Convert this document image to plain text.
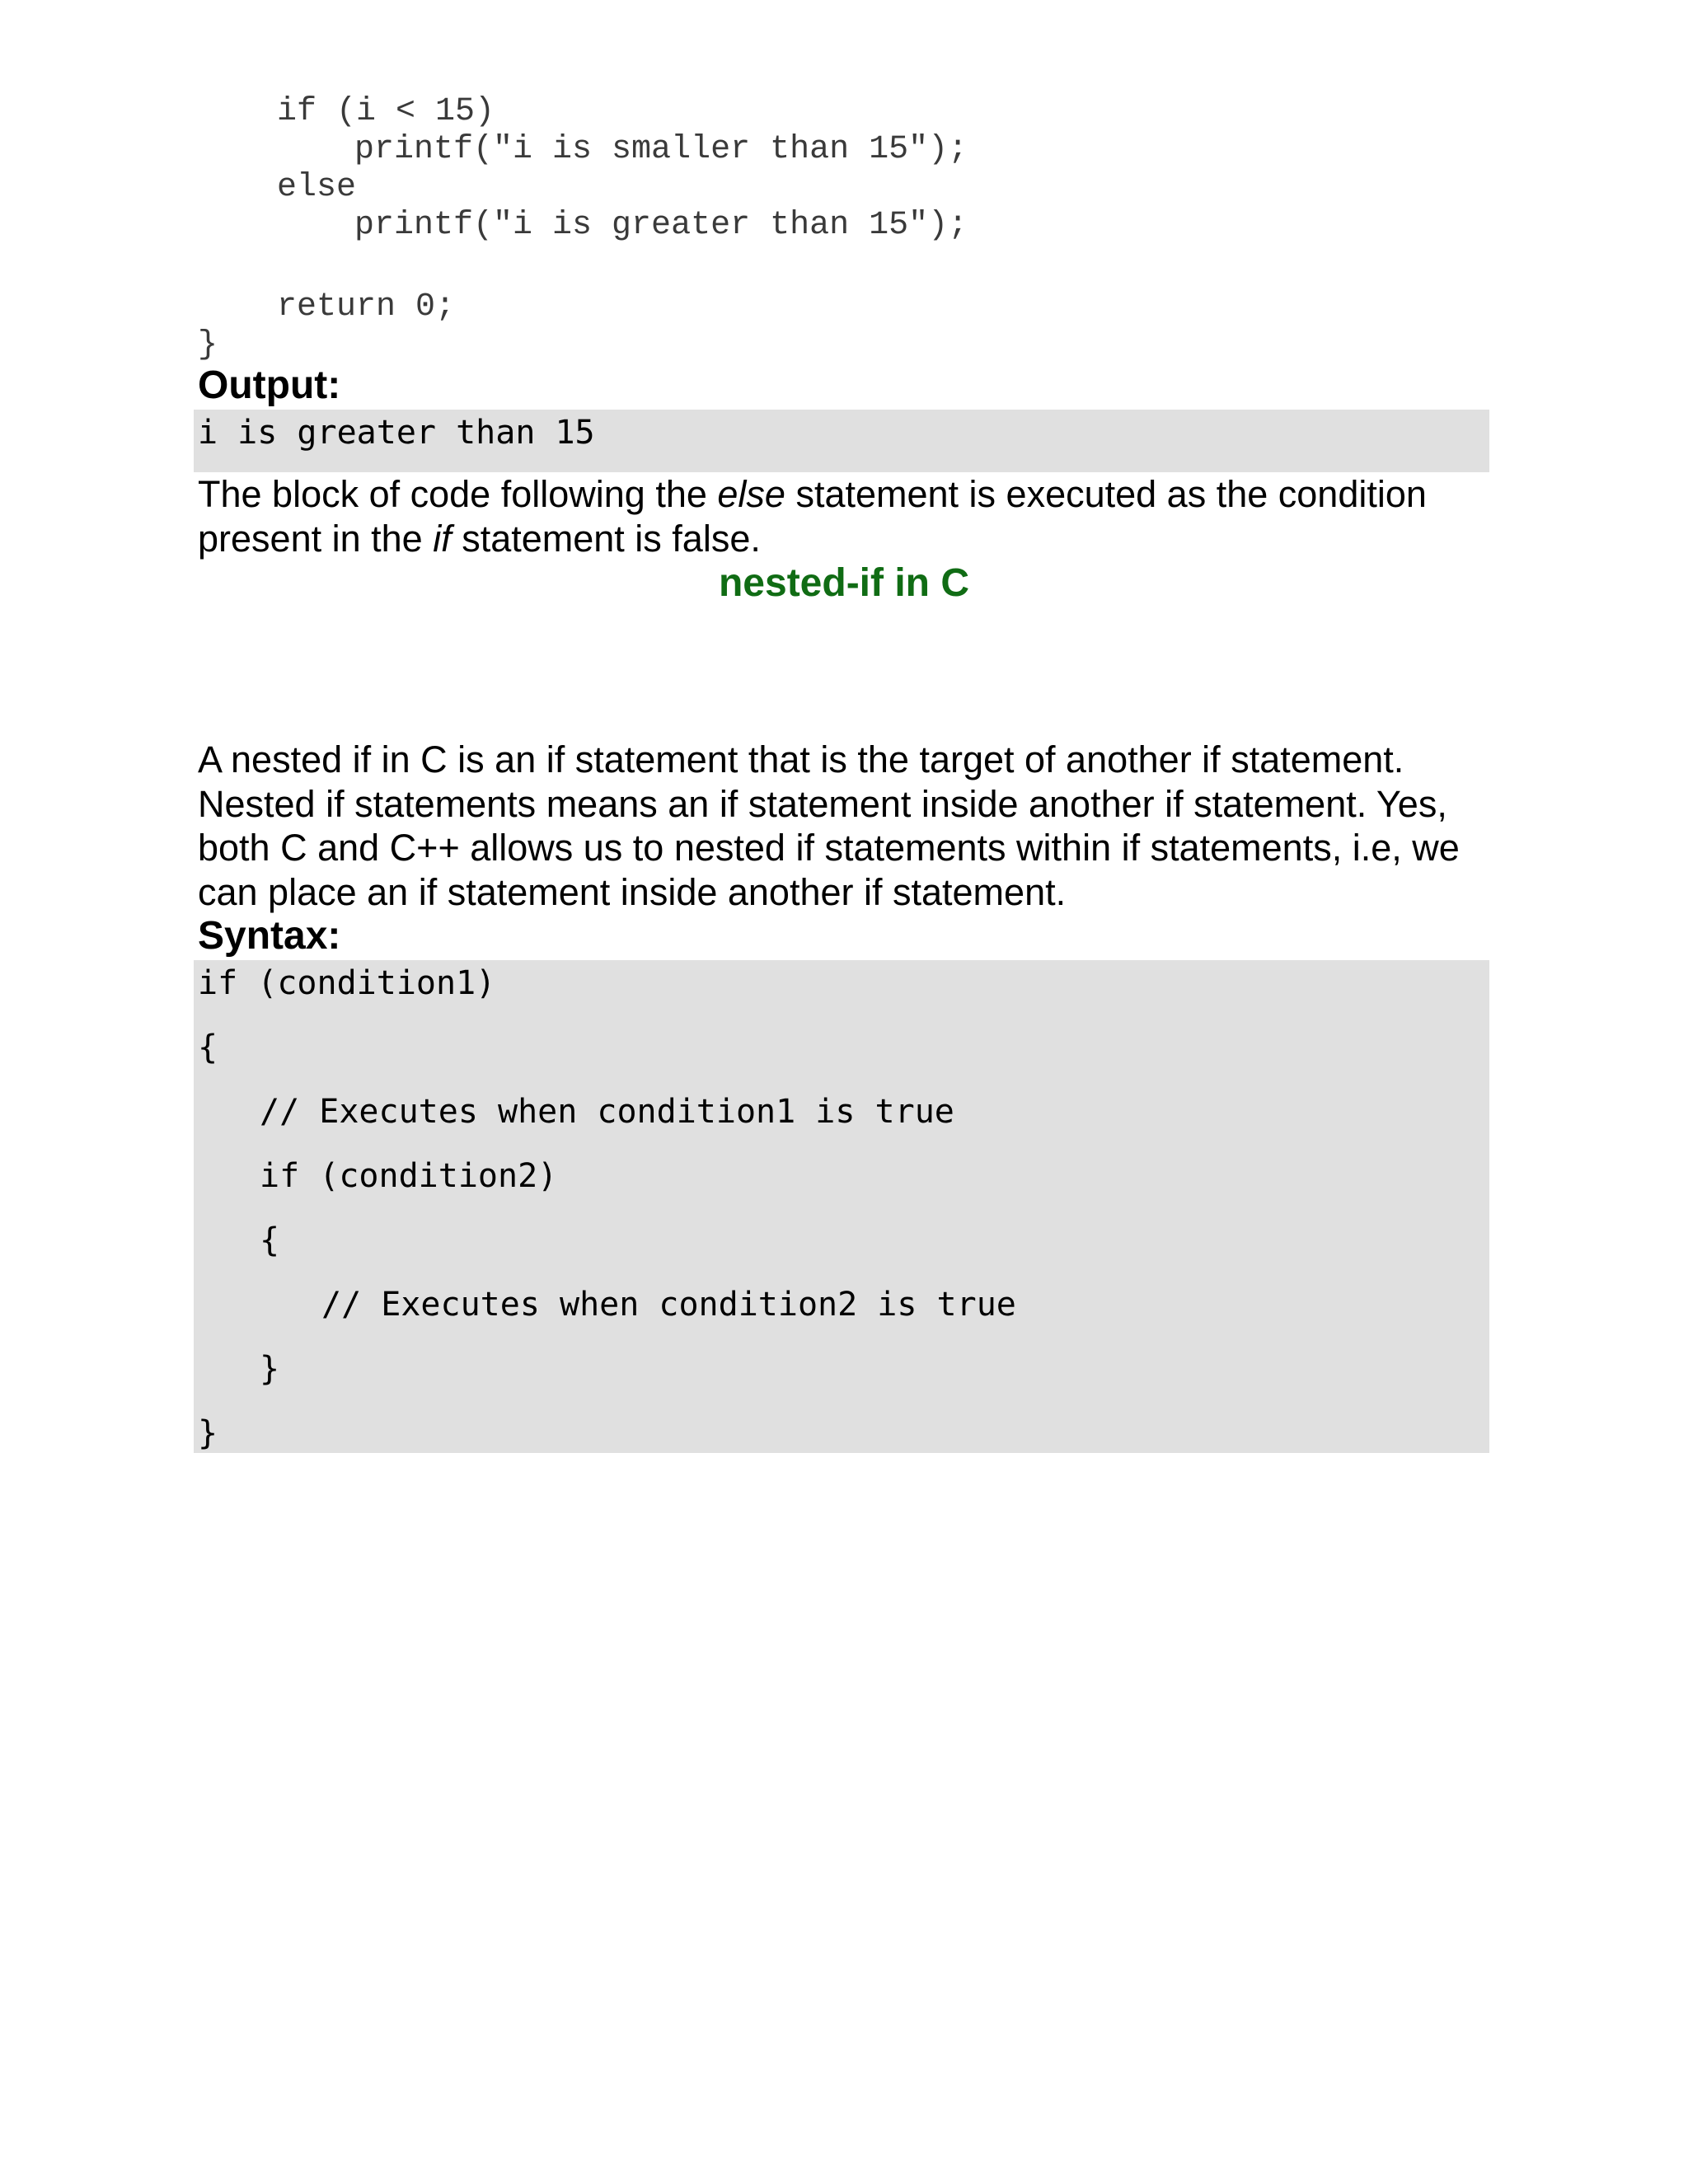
if (i < 15)
printf("i is smaller than 15");
else
printf("i is greater than 15");
return 0;
}
Output:
i is greater than 15
The block of code following the else statement is executed as the condition present in the if statement is false.
nested-if in C
A nested if in C is an if statement that is the target of another if statement. Nested if statements means an if statement inside another if statement. Yes, both C and C++ allows us to nested if statements within if statements, i.e, we can place an if statement inside another if statement.
Syntax:
if (condition1)
{
// Executes when condition1 is true
if (condition2)
{
// Executes when condition2 is true
}
}
